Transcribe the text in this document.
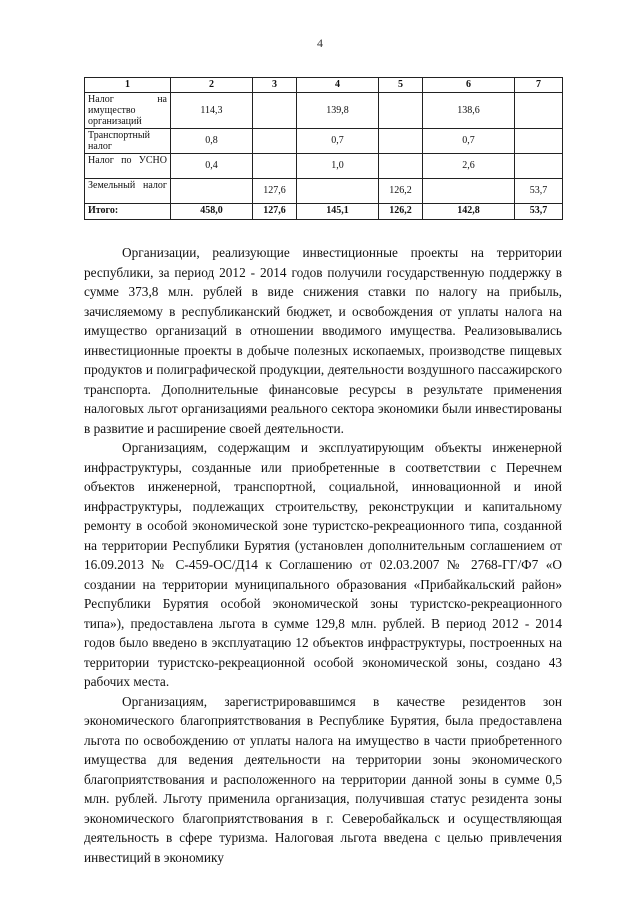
4
1	2	3	4	5	6	7
Налог на имущество организаций	114,3		139,8		138,6	
Транспортный налог	0,8		0,7		0,7	
Налог по УСНО	0,4		1,0		2,6	
Земельный налог		127,6		126,2		53,7
Итого:	458,0	127,6	145,1	126,2	142,8	53,7

Организации, реализующие инвестиционные проекты на территории республики, за период 2012 - 2014 годов получили государственную поддержку в сумме 373,8 млн. рублей в виде снижения ставки по налогу на прибыль, зачисляемому в республиканский бюджет, и освобождения от уплаты налога на имущество организаций в отношении вводимого имущества. Реализовывались инвестиционные проекты в добыче полезных ископаемых, производстве пищевых продуктов и полиграфической продукции, деятельности воздушного пассажирского транспорта. Дополнительные финансовые ресурсы в результате применения налоговых льгот организациями реального сектора экономики были инвестированы в развитие и расширение своей деятельности.

Организациям, содержащим и эксплуатирующим объекты инженерной инфраструктуры, созданные или приобретенные в соответствии с Перечнем объектов инженерной, транспортной, социальной, инновационной и иной инфраструктуры, подлежащих строительству, реконструкции и капитальному ремонту в особой экономической зоне туристско-рекреационного типа, созданной на территории Республики Бурятия (установлен дополнительным соглашением от 16.09.2013 № С-459-ОС/Д14 к Соглашению от 02.03.2007 № 2768-ГГ/Ф7 «О создании на территории муниципального образования «Прибайкальский район» Республики Бурятия особой экономической зоны туристско-рекреационного типа»), предоставлена льгота в сумме 129,8 млн. рублей. В период 2012 - 2014 годов было введено в эксплуатацию 12 объектов инфраструктуры, построенных на территории туристско-рекреационной особой экономической зоны, создано 43 рабочих места.

Организациям, зарегистрировавшимся в качестве резидентов зон экономического благоприятствования в Республике Бурятия, была предоставлена льгота по освобождению от уплаты налога на имущество в части приобретенного имущества для ведения деятельности на территории зоны экономического благоприятствования и расположенного на территории данной зоны в сумме 0,5 млн. рублей. Льготу применила организация, получившая статус резидента зоны экономического благоприятствования в г. Северобайкальск и осуществляющая деятельность в сфере туризма. Налоговая льгота введена с целью привлечения инвестиций в экономику
